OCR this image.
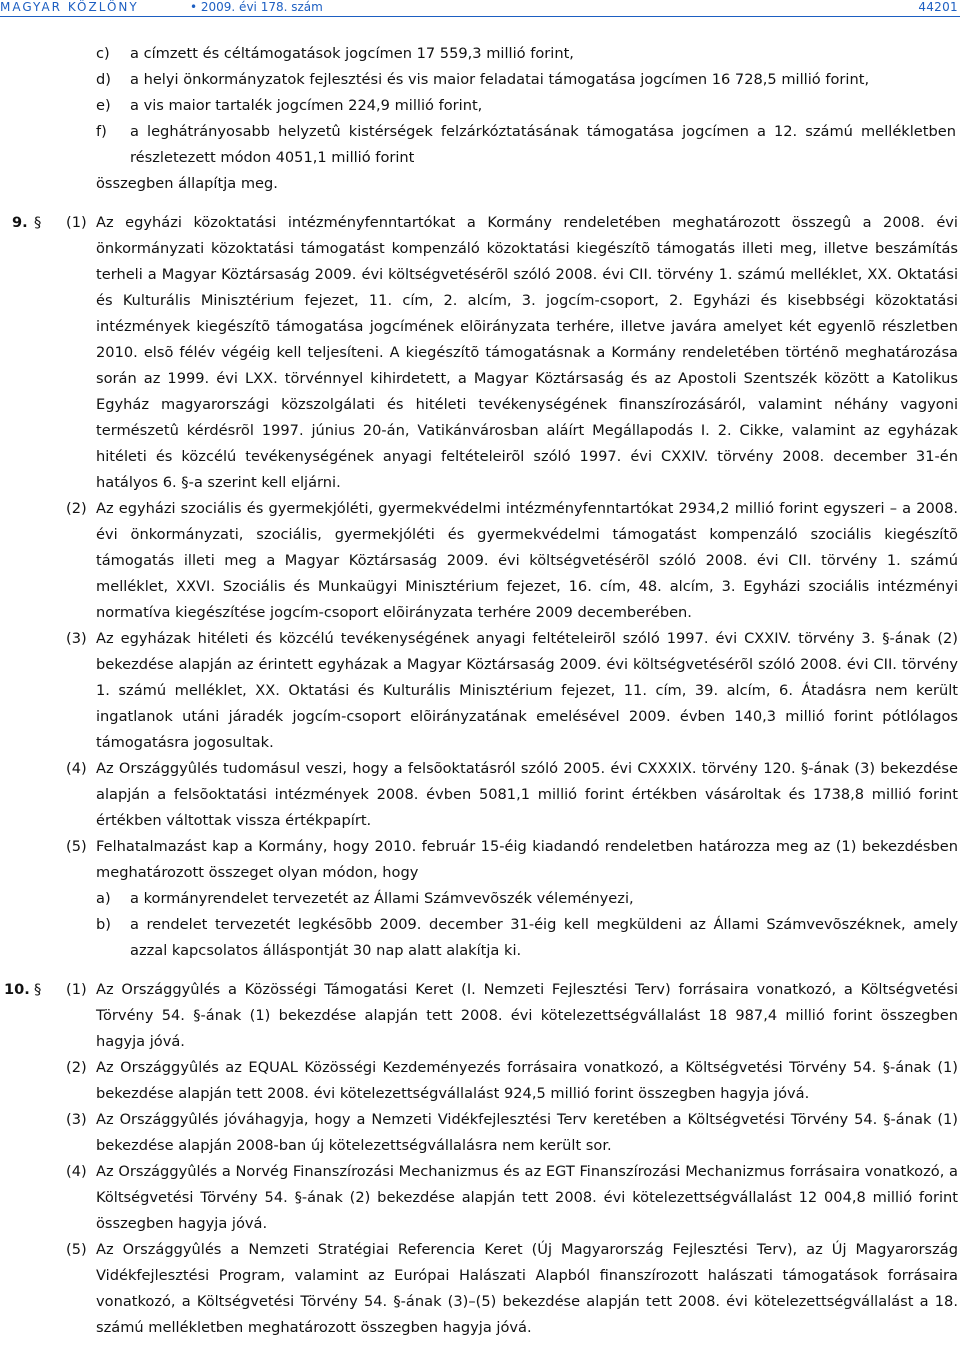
MAGYAR KÖZLÖNY	• 2009. évi 178. szám	44201
c) a címzett és céltámogatások jogcímen 17 559,3 millió forint,
d) a helyi önkormányzatok fejlesztési és vis maior feladatai támogatása jogcímen 16 728,5 millió forint,
e) a vis maior tartalék jogcímen 224,9 millió forint,
f) a leghátrányosabb helyzetû kistérségek felzárkóztatásának támogatása jogcímen a 12. számú mellékletben részletezett módon 4051,1 millió forint
összegben állapítja meg.
9. § (1) Az egyházi közoktatási intézményfenntartókat a Kormány rendeletében meghatározott összegû a 2008. évi önkormányzati közoktatási támogatást kompenzáló közoktatási kiegészítõ támogatás illeti meg, illetve beszámítás terheli a Magyar Köztársaság 2009. évi költségvetésérõl szóló 2008. évi CII. törvény 1. számú melléklet, XX. Oktatási és Kulturális Minisztérium fejezet, 11. cím, 2. alcím, 3. jogcím-csoport, 2. Egyházi és kisebbségi közoktatási intézmények kiegészítõ támogatása jogcímének elõirányzata terhére, illetve javára amelyet két egyenlõ részletben 2010. elsõ félév végéig kell teljesíteni. A kiegészítõ támogatásnak a Kormány rendeletében történõ meghatározása során az 1999. évi LXX. törvénnyel kihirdetett, a Magyar Köztársaság és az Apostoli Szentszék között a Katolikus Egyház magyarországi közszolgálati és hitéleti tevékenységének finanszírozásáról, valamint néhány vagyoni természetû kérdésrõl 1997. június 20-án, Vatikánvárosban aláírt Megállapodás I. 2. Cikke, valamint az egyházak hitéleti és közcélú tevékenységének anyagi feltételeirõl szóló 1997. évi CXXIV. törvény 2008. december 31-én hatályos 6. §-a szerint kell eljárni.
(2) Az egyházi szociális és gyermekjóléti, gyermekvédelmi intézményfenntartókat 2934,2 millió forint egyszeri – a 2008. évi önkormányzati, szociális, gyermekjóléti és gyermekvédelmi támogatást kompenzáló szociális kiegészítõ támogatás illeti meg a Magyar Köztársaság 2009. évi költségvetésérõl szóló 2008. évi CII. törvény 1. számú melléklet, XXVI. Szociális és Munkaügyi Minisztérium fejezet, 16. cím, 48. alcím, 3. Egyházi szociális intézményi normatíva kiegészítése jogcím-csoport elõirányzata terhére 2009 decemberében.
(3) Az egyházak hitéleti és közcélú tevékenységének anyagi feltételeirõl szóló 1997. évi CXXIV. törvény 3. §-ának (2) bekezdése alapján az érintett egyházak a Magyar Köztársaság 2009. évi költségvetésérõl szóló 2008. évi CII. törvény 1. számú melléklet, XX. Oktatási és Kulturális Minisztérium fejezet, 11. cím, 39. alcím, 6. Átadásra nem került ingatlanok utáni járadék jogcím-csoport elõirányzatának emelésével 2009. évben 140,3 millió forint pótlólagos támogatásra jogosultak.
(4) Az Országgyûlés tudomásul veszi, hogy a felsõoktatásról szóló 2005. évi CXXXIX. törvény 120. §-ának (3) bekezdése alapján a felsõoktatási intézmények 2008. évben 5081,1 millió forint értékben vásároltak és 1738,8 millió forint értékben váltottak vissza értékpapírt.
(5) Felhatalmazást kap a Kormány, hogy 2010. február 15-éig kiadandó rendeletben határozza meg az (1) bekezdésben meghatározott összeget olyan módon, hogy
a) a kormányrendelet tervezetét az Állami Számvevõszék véleményezi,
b) a rendelet tervezetét legkésõbb 2009. december 31-éig kell megküldeni az Állami Számvevõszéknek, amely azzal kapcsolatos álláspontját 30 nap alatt alakítja ki.
10. § (1) Az Országgyûlés a Közösségi Támogatási Keret (I. Nemzeti Fejlesztési Terv) forrásaira vonatkozó, a Költségvetési Törvény 54. §-ának (1) bekezdése alapján tett 2008. évi kötelezettségvállalást 18 987,4 millió forint összegben hagyja jóvá.
(2) Az Országgyûlés az EQUAL Közösségi Kezdeményezés forrásaira vonatkozó, a Költségvetési Törvény 54. §-ának (1) bekezdése alapján tett 2008. évi kötelezettségvállalást 924,5 millió forint összegben hagyja jóvá.
(3) Az Országgyûlés jóváhagyja, hogy a Nemzeti Vidékfejlesztési Terv keretében a Költségvetési Törvény 54. §-ának (1) bekezdése alapján 2008-ban új kötelezettségvállalásra nem került sor.
(4) Az Országgyûlés a Norvég Finanszírozási Mechanizmus és az EGT Finanszírozási Mechanizmus forrásaira vonatkozó, a Költségvetési Törvény 54. §-ának (2) bekezdése alapján tett 2008. évi kötelezettségvállalást 12 004,8 millió forint összegben hagyja jóvá.
(5) Az Országgyûlés a Nemzeti Stratégiai Referencia Keret (Új Magyarország Fejlesztési Terv), az Új Magyarország Vidékfejlesztési Program, valamint az Európai Halászati Alapból finanszírozott halászati támogatások forrásaira vonatkozó, a Költségvetési Törvény 54. §-ának (3)–(5) bekezdése alapján tett 2008. évi kötelezettségvállalást a 18. számú mellékletben meghatározott összegben hagyja jóvá.
